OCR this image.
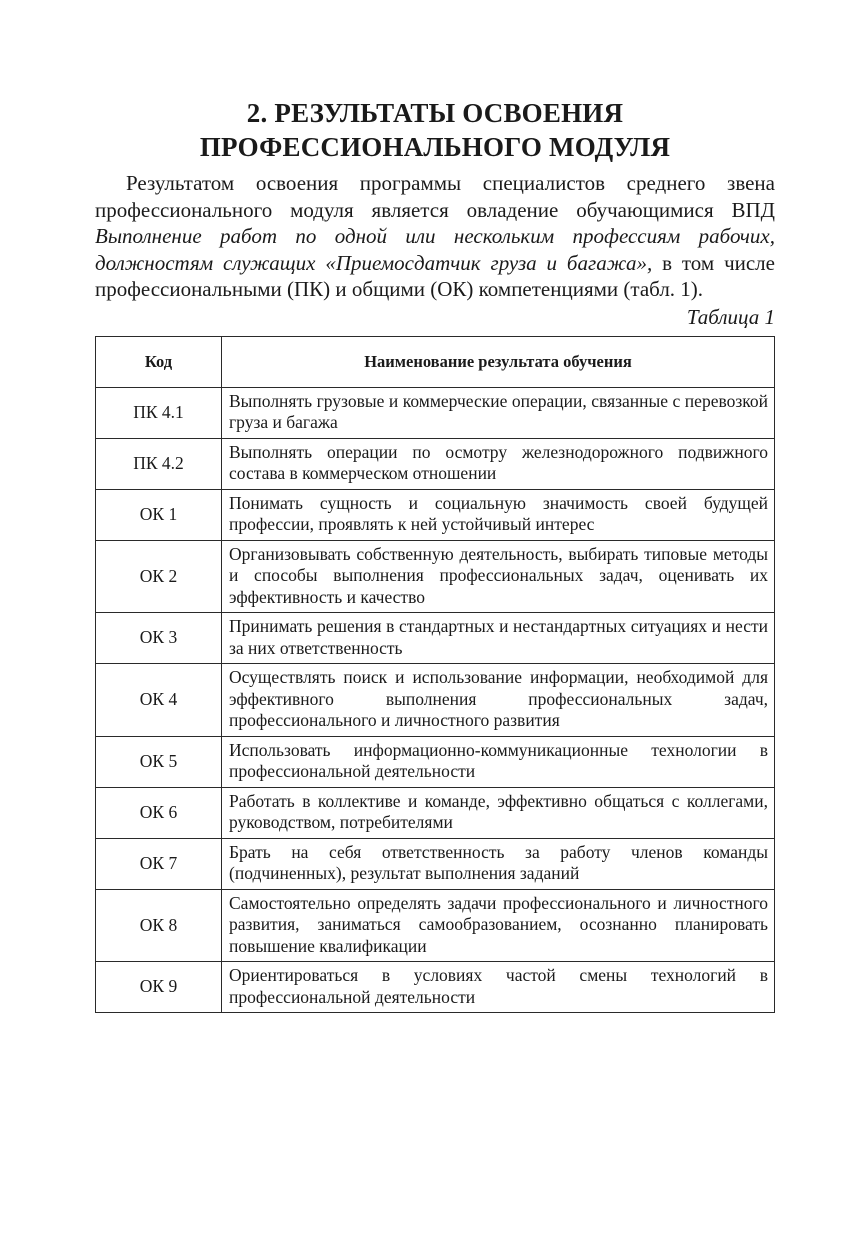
2. РЕЗУЛЬТАТЫ ОСВОЕНИЯ
ПРОФЕССИОНАЛЬНОГО МОДУЛЯ

Результатом освоения программы специалистов среднего звена профессионального модуля является овладение обучающимися ВПД Выполнение работ по одной или нескольким профессиям рабочих, должностям служащих «Приемосдатчик груза и багажа», в том числе профессиональными (ПК) и общими (ОК) компетенциями (табл. 1).

Таблица 1
Код	Наименование результата обучения
ПК 4.1	Выполнять грузовые и коммерческие операции, связанные с перевозкой груза и багажа
ПК 4.2	Выполнять операции по осмотру железнодорожного подвижного состава в коммерческом отношении
ОК 1	Понимать сущность и социальную значимость своей будущей профессии, проявлять к ней устойчивый интерес
ОК 2	Организовывать собственную деятельность, выбирать типовые методы и способы выполнения профессиональных задач, оценивать их эффективность и качество
ОК 3	Принимать решения в стандартных и нестандартных ситуациях и нести за них ответственность
ОК 4	Осуществлять поиск и использование информации, необходимой для эффективного выполнения профессиональных задач, профессионального и личностного развития
ОК 5	Использовать информационно-коммуникационные технологии в профессиональной деятельности
ОК 6	Работать в коллективе и команде, эффективно общаться с коллегами, руководством, потребителями
ОК 7	Брать на себя ответственность за работу членов команды (подчиненных), результат выполнения заданий
ОК 8	Самостоятельно определять задачи профессионального и личностного развития, заниматься самообразованием, осознанно планировать повышение квалификации
ОК 9	Ориентироваться в условиях частой смены технологий в профессиональной деятельности
